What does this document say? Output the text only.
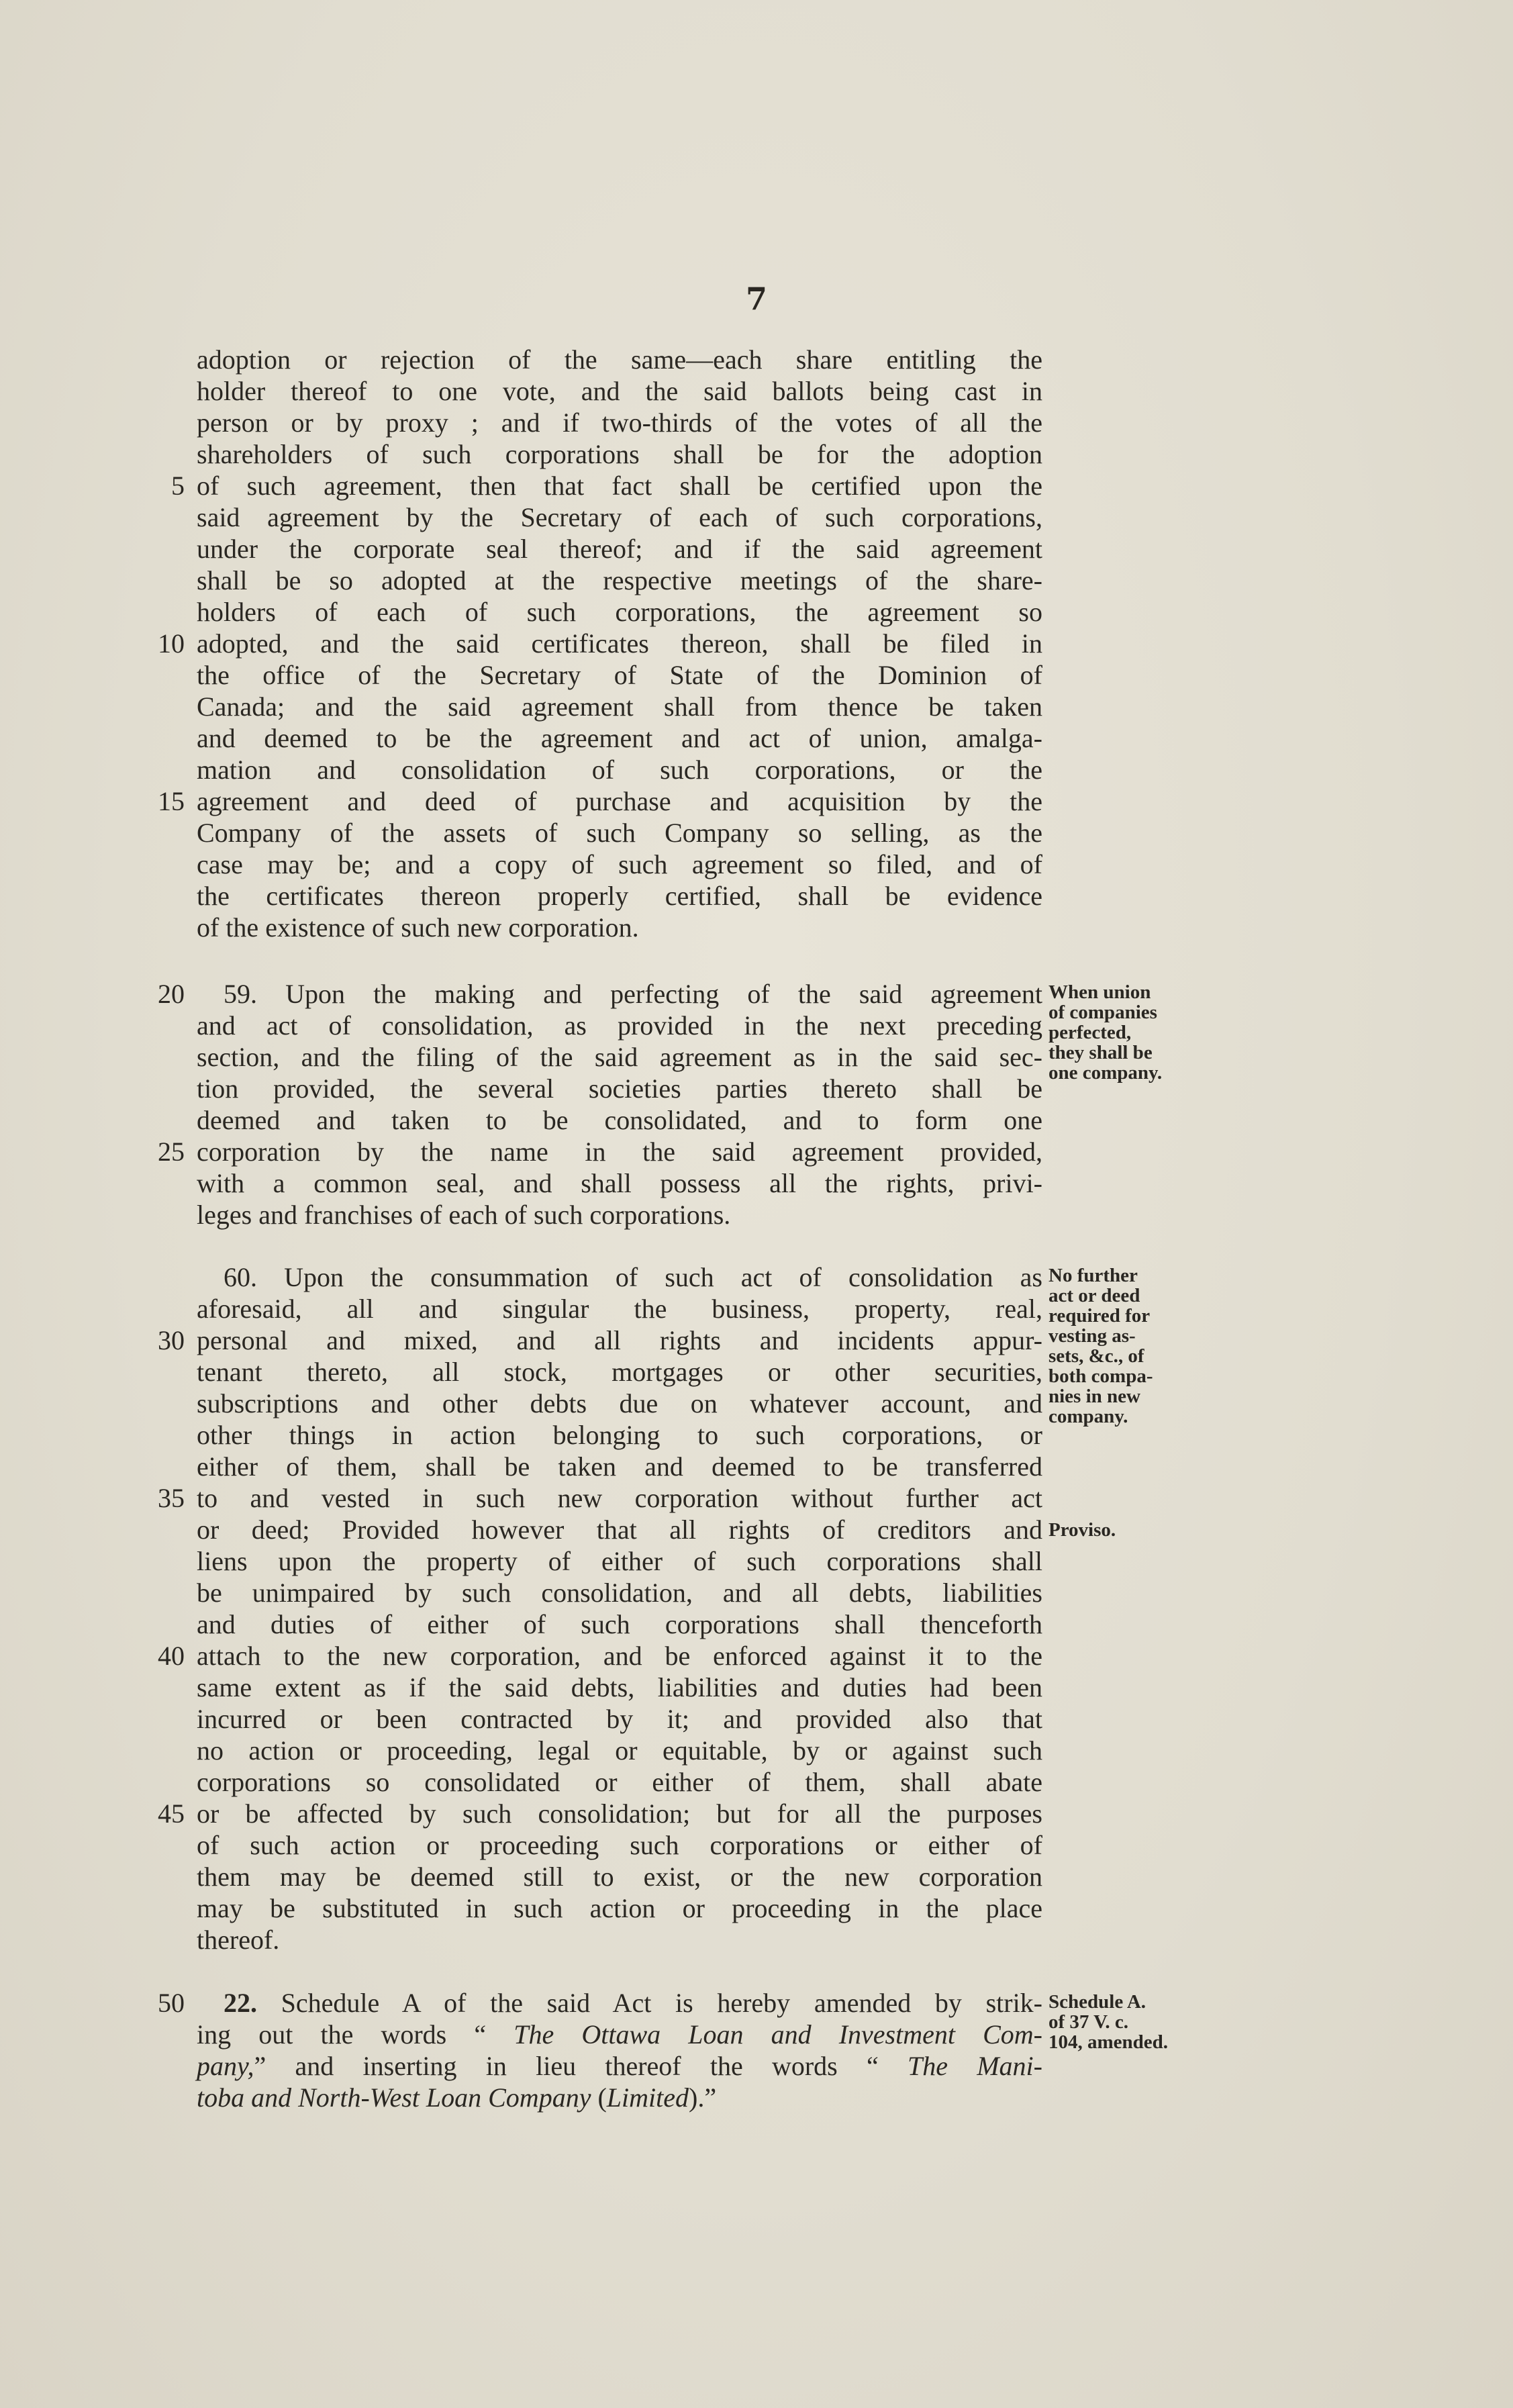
7
adoption or rejection of the same—each share entitling the
holder thereof to one vote, and the said ballots being cast in
person or by proxy ; and if two-thirds of the votes of all the
shareholders of such corporations shall be for the adoption
of such agreement, then that fact shall be certified upon the
said agreement by the Secretary of each of such corporations,
under the corporate seal thereof; and if the said agreement
shall be so adopted at the respective meetings of the share-
holders of each of such corporations, the agreement so
adopted, and the said certificates thereon, shall be filed in
the office of the Secretary of State of the Dominion of
Canada; and the said agreement shall from thence be taken
and deemed to be the agreement and act of union, amalga-
mation and consolidation of such corporations, or the
agreement and deed of purchase and acquisition by the
Company of the assets of such Company so selling, as the
case may be; and a copy of such agreement so filed, and of
the certificates thereon properly certified, shall be evidence
of the existence of such new corporation.
59. Upon the making and perfecting of the said agreement
and act of consolidation, as provided in the next preceding
section, and the filing of the said agreement as in the said sec-
tion provided, the several societies parties thereto shall be
deemed and taken to be consolidated, and to form one
corporation by the name in the said agreement provided,
with a common seal, and shall possess all the rights, privi-
leges and franchises of each of such corporations.
60. Upon the consummation of such act of consolidation as
aforesaid, all and singular the business, property, real,
personal and mixed, and all rights and incidents appur-
tenant thereto, all stock, mortgages or other securities,
subscriptions and other debts due on whatever account, and
other things in action belonging to such corporations, or
either of them, shall be taken and deemed to be transferred
to and vested in such new corporation without further act
or deed; Provided however that all rights of creditors and
liens upon the property of either of such corporations shall
be unimpaired by such consolidation, and all debts, liabilities
and duties of either of such corporations shall thenceforth
attach to the new corporation, and be enforced against it to the
same extent as if the said debts, liabilities and duties had been
incurred or been contracted by it; and provided also that
no action or proceeding, legal or equitable, by or against such
corporations so consolidated or either of them, shall abate
or be affected by such consolidation; but for all the purposes
of such action or proceeding such corporations or either of
them may be deemed still to exist, or the new corporation
may be substituted in such action or proceeding in the place
thereof.
5
10
15
20
25
30
35
40
45
50
When union
of companies
perfected,
they shall be
one company.
No further
act or deed
required for
vesting as-
sets, &c., of
both compa-
nies in new
company.
Proviso.
Schedule A.
of 37 V. c.
104, amended.
22. Schedule A of the said Act is hereby amended by strik-
ing out the words “ The Ottawa Loan and Investment Com-
pany,” and inserting in lieu thereof the words “ The Mani-
toba and North-West Loan Company (Limited).”
